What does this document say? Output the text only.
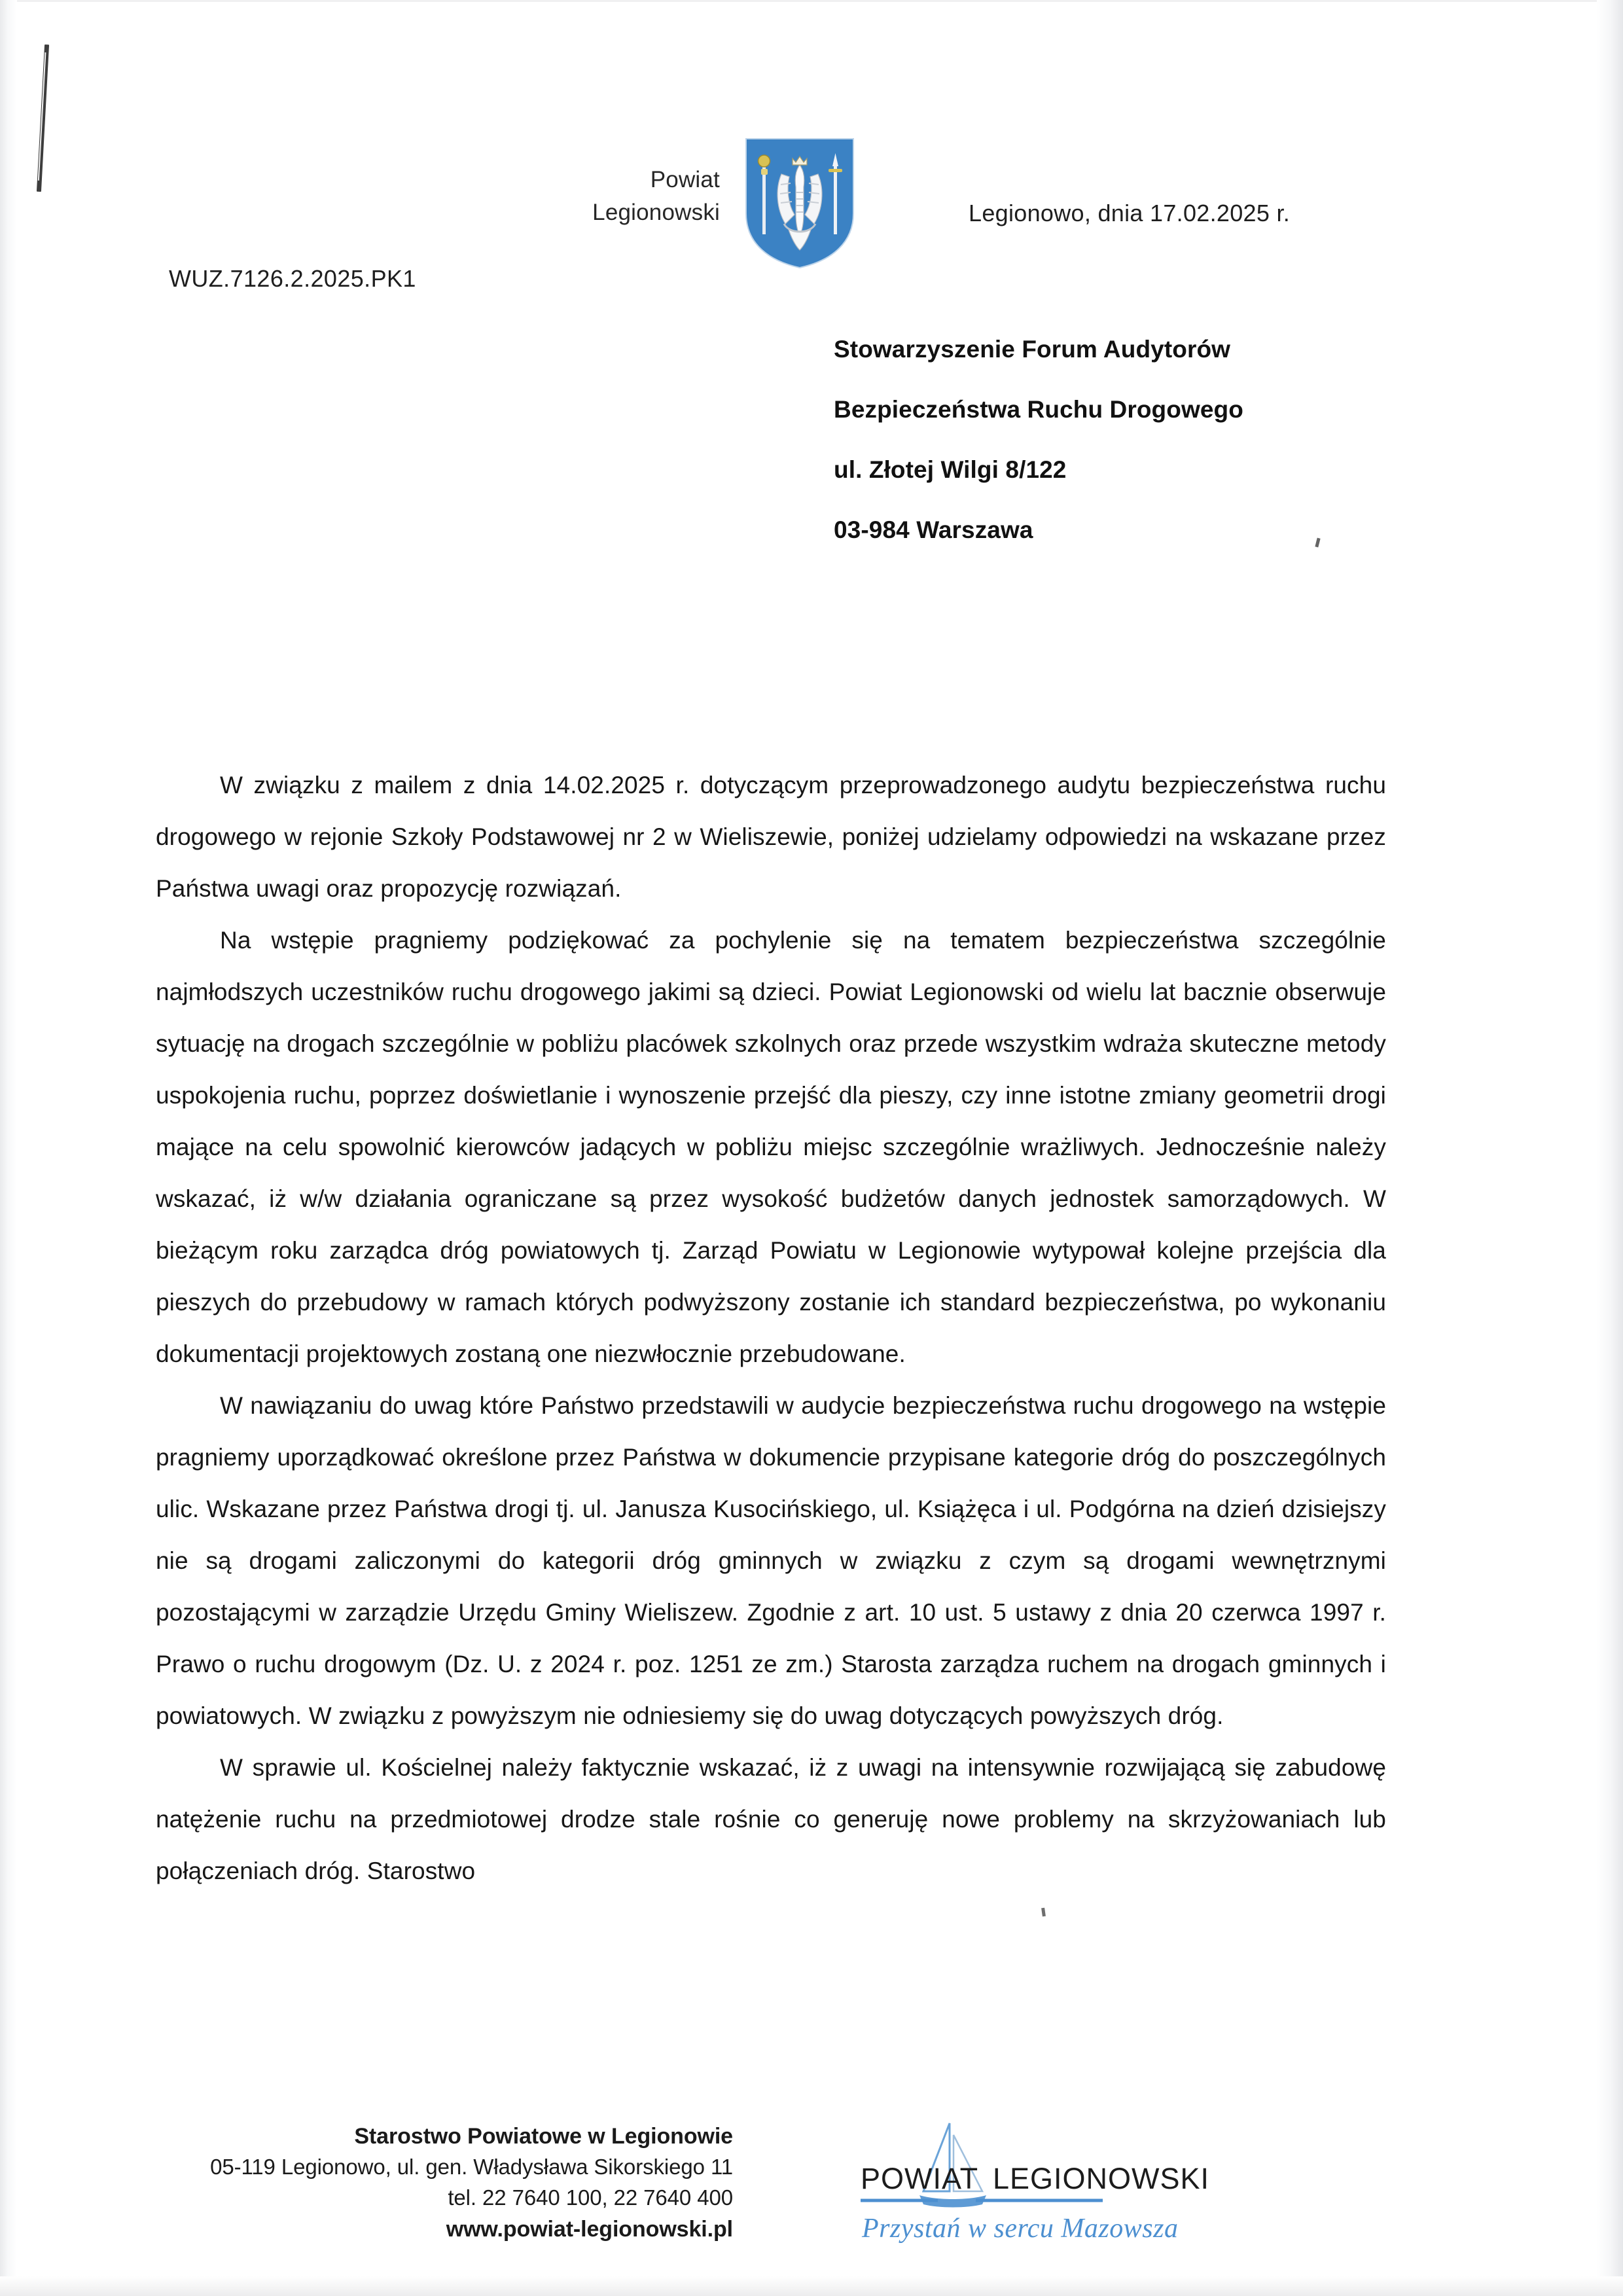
Powiat
Legionowski	Legionowo, dnia 17.02.2025 r.
WUZ.7126.2.2025.PK1
Stowarzyszenie Forum Audytorów
Bezpieczeństwa Ruchu Drogowego
ul. Złotej Wilgi 8/122
03-984 Warszawa

W związku z mailem z dnia 14.02.2025 r. dotyczącym przeprowadzonego audytu bezpieczeństwa ruchu drogowego w rejonie Szkoły Podstawowej nr 2 w Wieliszewie, poniżej udzielamy odpowiedzi na wskazane przez Państwa uwagi oraz propozycję rozwiązań.

Na wstępie pragniemy podziękować za pochylenie się na tematem bezpieczeństwa szczególnie najmłodszych uczestników ruchu drogowego jakimi są dzieci. Powiat Legionowski od wielu lat bacznie obserwuje sytuację na drogach szczególnie w pobliżu placówek szkolnych oraz przede wszystkim wdraża skuteczne metody uspokojenia ruchu, poprzez doświetlanie i wynoszenie przejść dla pieszy, czy inne istotne zmiany geometrii drogi mające na celu spowolnić kierowców jadących w pobliżu miejsc szczególnie wrażliwych. Jednocześnie należy wskazać, iż w/w działania ograniczane są przez wysokość budżetów danych jednostek samorządowych. W bieżącym roku zarządca dróg powiatowych tj. Zarząd Powiatu w Legionowie wytypował kolejne przejścia dla pieszych do przebudowy w ramach których podwyższony zostanie ich standard bezpieczeństwa, po wykonaniu dokumentacji projektowych zostaną one niezwłocznie przebudowane.

W nawiązaniu do uwag które Państwo przedstawili w audycie bezpieczeństwa ruchu drogowego na wstępie pragniemy uporządkować określone przez Państwa w dokumencie przypisane kategorie dróg do poszczególnych ulic. Wskazane przez Państwa drogi tj. ul. Janusza Kusocińskiego, ul. Książęca i ul. Podgórna na dzień dzisiejszy nie są drogami zaliczonymi do kategorii dróg gminnych w związku z czym są drogami wewnętrznymi pozostającymi w zarządzie Urzędu Gminy Wieliszew. Zgodnie z art. 10 ust. 5 ustawy z dnia 20 czerwca 1997 r. Prawo o ruchu drogowym (Dz. U. z 2024 r. poz. 1251 ze zm.) Starosta zarządza ruchem na drogach gminnych i powiatowych. W związku z powyższym nie odniesiemy się do uwag dotyczących powyższych dróg.

W sprawie ul. Kościelnej należy faktycznie wskazać, iż z uwagi na intensywnie rozwijającą się zabudowę natężenie ruchu na przedmiotowej drodze stale rośnie co generuję nowe problemy na skrzyżowaniach lub połączeniach dróg. Starostwo

Starostwo Powiatowe w Legionowie
05-119 Legionowo, ul. gen. Władysława Sikorskiego 11
tel. 22 7640 100, 22 7640 400
www.powiat-legionowski.pl
POWIAT LEGIONOWSKI
Przystań w sercu Mazowsza
